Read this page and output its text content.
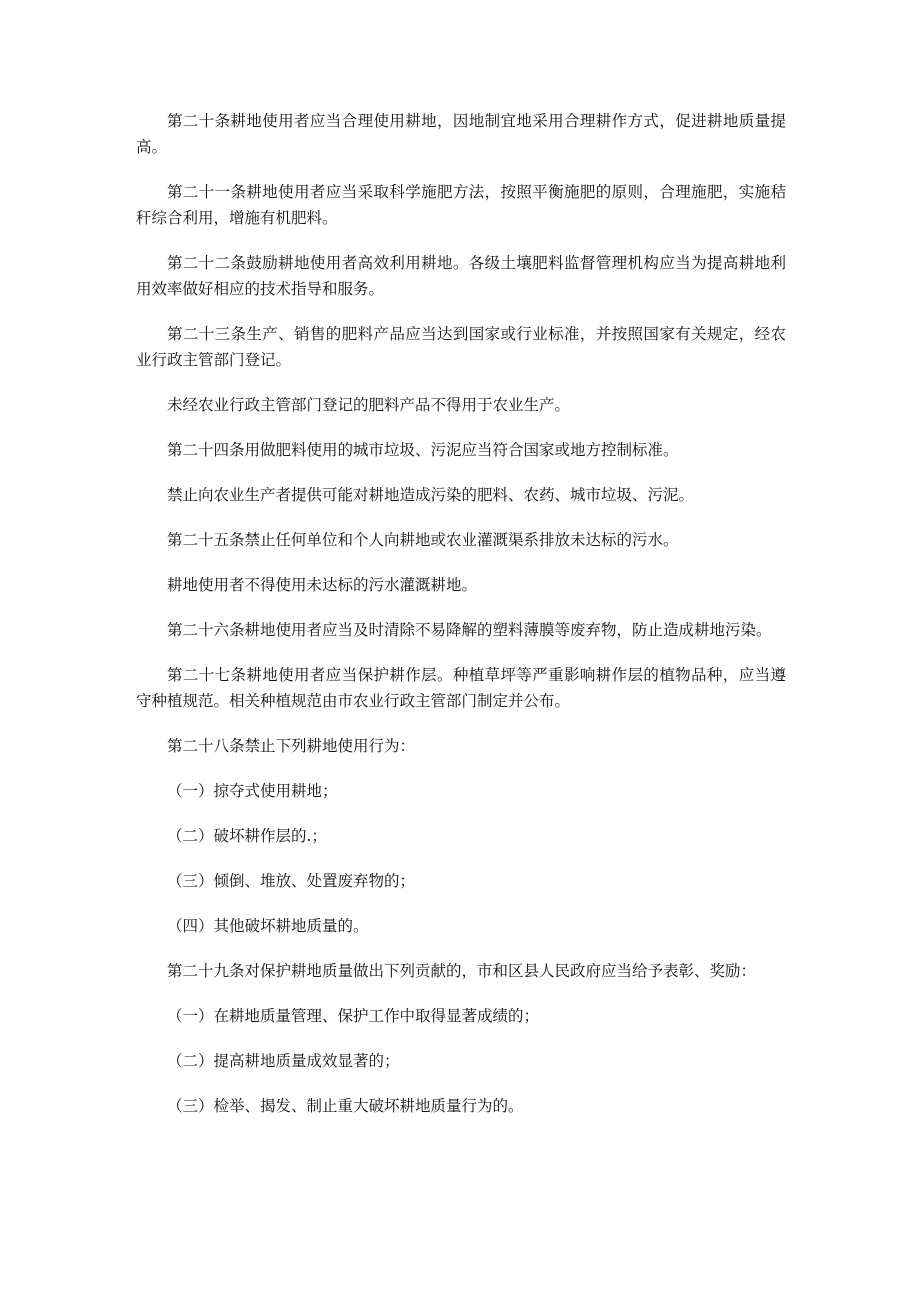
第二十条耕地使用者应当合理使用耕地，因地制宜地采用合理耕作方式，促进耕地质量提高。

第二十一条耕地使用者应当采取科学施肥方法，按照平衡施肥的原则，合理施肥，实施秸秆综合利用，增施有机肥料。

第二十二条鼓励耕地使用者高效利用耕地。各级土壤肥料监督管理机构应当为提高耕地利用效率做好相应的技术指导和服务。

第二十三条生产、销售的肥料产品应当达到国家或行业标准，并按照国家有关规定，经农业行政主管部门登记。

未经农业行政主管部门登记的肥料产品不得用于农业生产。

第二十四条用做肥料使用的城市垃圾、污泥应当符合国家或地方控制标准。

禁止向农业生产者提供可能对耕地造成污染的肥料、农药、城市垃圾、污泥。

第二十五条禁止任何单位和个人向耕地或农业灌溉渠系排放未达标的污水。

耕地使用者不得使用未达标的污水灌溉耕地。

第二十六条耕地使用者应当及时清除不易降解的塑料薄膜等废弃物，防止造成耕地污染。

第二十七条耕地使用者应当保护耕作层。种植草坪等严重影响耕作层的植物品种，应当遵守种植规范。相关种植规范由市农业行政主管部门制定并公布。

第二十八条禁止下列耕地使用行为：

（一）掠夺式使用耕地；

（二）破坏耕作层的.；

（三）倾倒、堆放、处置废弃物的；

（四）其他破坏耕地质量的。

第二十九条对保护耕地质量做出下列贡献的，市和区县人民政府应当给予表彰、奖励：

（一）在耕地质量管理、保护工作中取得显著成绩的；

（二）提高耕地质量成效显著的；

（三）检举、揭发、制止重大破坏耕地质量行为的。
